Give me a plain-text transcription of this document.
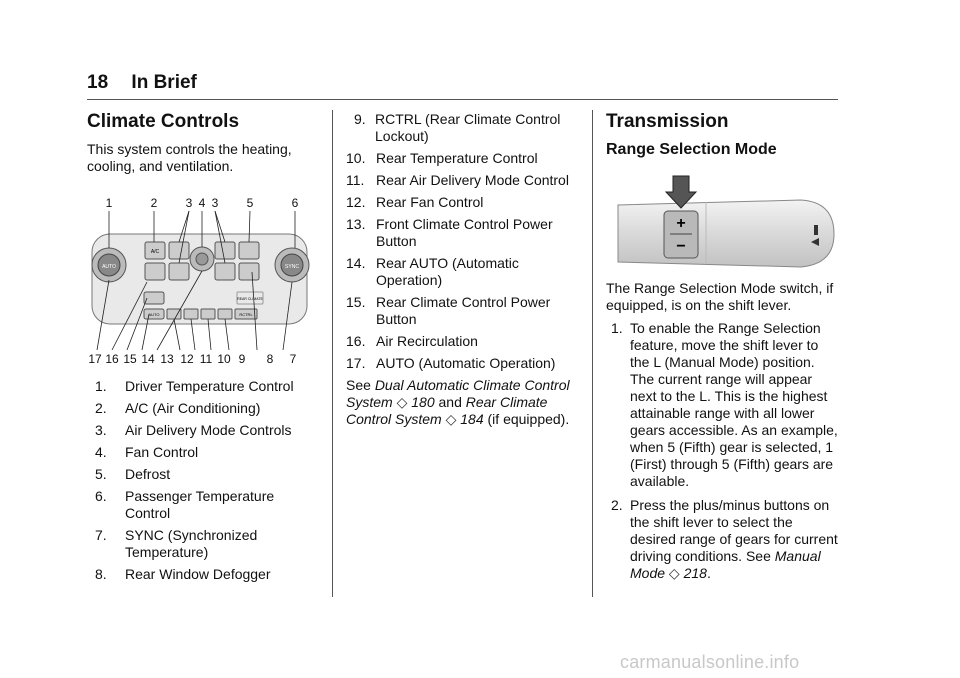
18 In Brief
Climate Controls

This system controls the heating, cooling, and ventilation.

1	2 3 4 3 5	6
AUTO	SYNC
A/C
AUTO	RCTRL
REAR CLIMATE
17 16 15 14 13 12 11 10 9 8 7
1. Driver Temperature Control
2. A/C (Air Conditioning)
3. Air Delivery Mode Controls
4. Fan Control
5. Defrost
6. Passenger Temperature Control
7. SYNC (Synchronized Temperature)
8. Rear Window Defogger
9. RCTRL (Rear Climate Control Lockout)
10. Rear Temperature Control
11. Rear Air Delivery Mode Control
12. Rear Fan Control
13. Front Climate Control Power Button
14. Rear AUTO (Automatic Operation)
15. Rear Climate Control Power Button
16. Air Recirculation
17. AUTO (Automatic Operation)

See Dual Automatic Climate Control System ◇ 180 and Rear Climate Control System ◇ 184 (if equipped).

Transmission
Range Selection Mode
+
−

The Range Selection Mode switch, if equipped, is on the shift lever.

1. To enable the Range Selection feature, move the shift lever to the L (Manual Mode) position. The current range will appear next to the L. This is the highest attainable range with all lower gears accessible. As an example, when 5 (Fifth) gear is selected, 1 (First) through 5 (Fifth) gears are available.
2. Press the plus/minus buttons on the shift lever to select the desired range of gears for current driving conditions. See Manual Mode ◇ 218.
carmanualsonline.info
